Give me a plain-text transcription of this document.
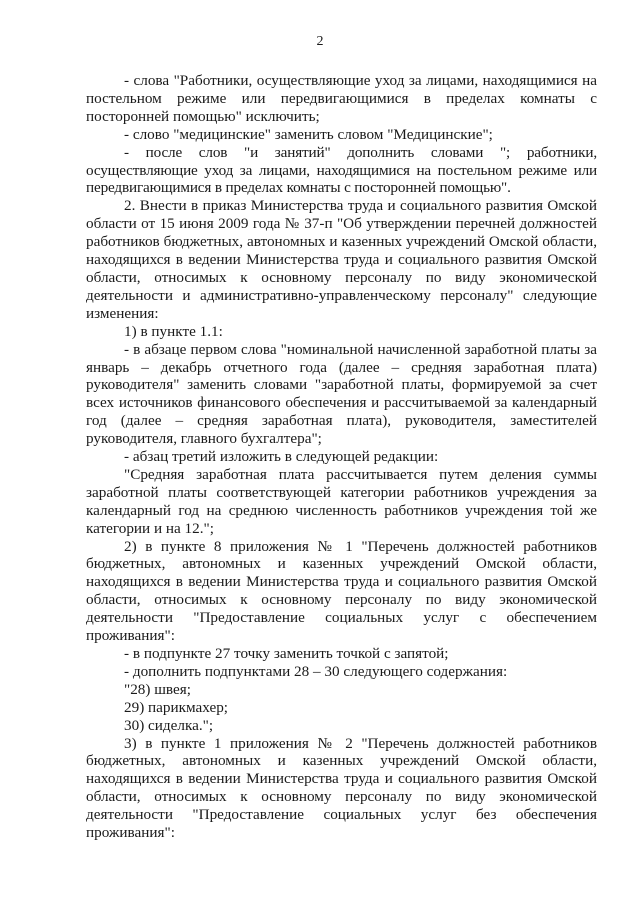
2

- слова "Работники, осуществляющие уход за лицами, находящимися на постельном режиме или передвигающимися в пределах комнаты с посторонней помощью" исключить;

- слово "медицинские" заменить словом "Медицинские";

- после слов "и занятий" дополнить словами "; работники, осуществляющие уход за лицами, находящимися на постельном режиме или передвигающимися в пределах комнаты с посторонней помощью".

2. Внести в приказ Министерства труда и социального развития Омской области от 15 июня 2009 года № 37-п "Об утверждении перечней должностей работников бюджетных, автономных и казенных учреждений Омской области, находящихся в ведении Министерства труда и социального развития Омской области, относимых к основному персоналу по виду экономической деятельности и административно-управленческому персоналу" следующие изменения:

1) в пункте 1.1:

- в абзаце первом слова "номинальной начисленной заработной платы за январь – декабрь отчетного года (далее – средняя заработная плата) руководителя" заменить словами "заработной платы, формируемой за счет всех источников финансового обеспечения и рассчитываемой за календарный год (далее – средняя заработная плата), руководителя, заместителей руководителя, главного бухгалтера";

- абзац третий изложить в следующей редакции:

"Средняя заработная плата рассчитывается путем деления суммы заработной платы соответствующей категории работников учреждения за календарный год на среднюю численность работников учреждения той же категории и на 12.";

2) в пункте 8 приложения № 1 "Перечень должностей работников бюджетных, автономных и казенных учреждений Омской области, находящихся в ведении Министерства труда и социального развития Омской области, относимых к основному персоналу по виду экономической деятельности "Предоставление социальных услуг с обеспечением проживания":

- в подпункте 27 точку заменить точкой с запятой;

- дополнить подпунктами 28 – 30 следующего содержания:

"28) швея;

29) парикмахер;

30) сиделка.";

3) в пункте 1 приложения № 2 "Перечень должностей работников бюджетных, автономных и казенных учреждений Омской области, находящихся в ведении Министерства труда и социального развития Омской области, относимых к основному персоналу по виду экономической деятельности "Предоставление социальных услуг без обеспечения проживания":
